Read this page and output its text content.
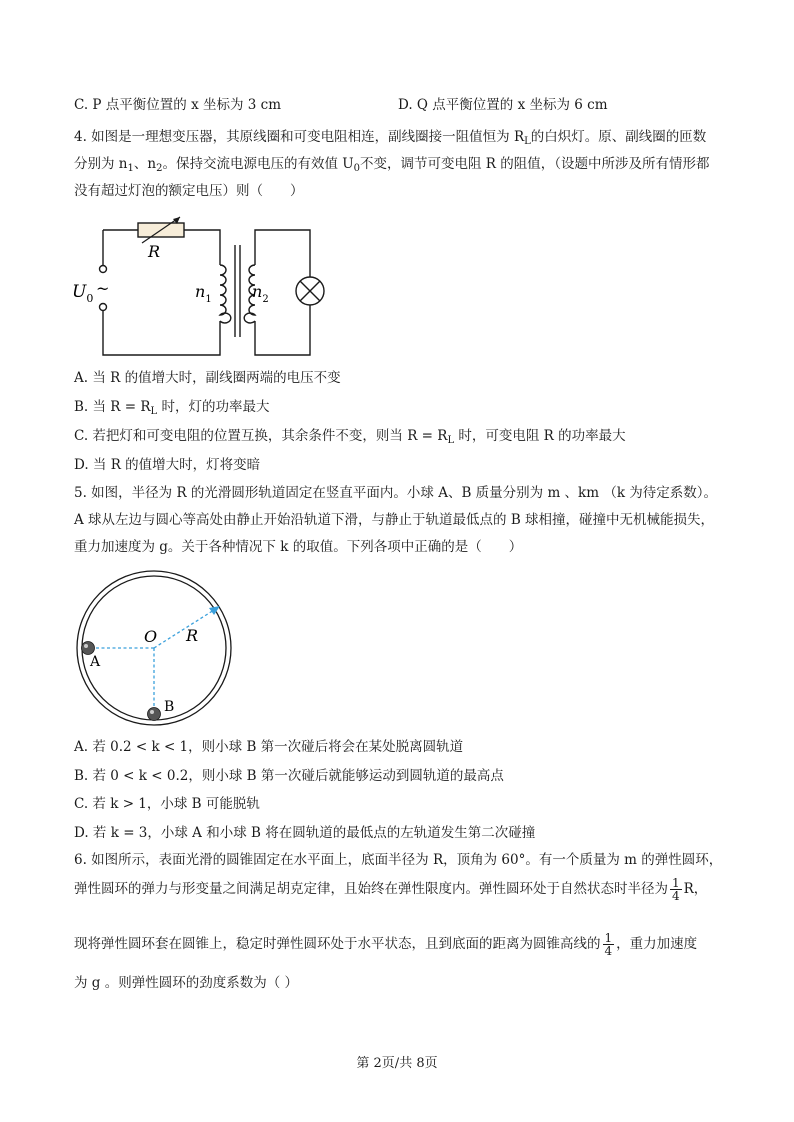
C. P 点平衡位置的 x 坐标为 3 cm	D. Q 点平衡位置的 x 坐标为 6 cm
4. 如图是一理想变压器，其原线圈和可变电阻相连，副线圈接一阻值恒为 $R_L$的白炽灯。原、副线圈的匝数
分别为 $n_1$、$n_2$。保持交流电源电压的有效值 $U_0$不变，调节可变电阻 R 的阻值，（设题中所涉及所有情形都
没有超过灯泡的额定电压）则（　　）
R
$U_0$
~	$n_1$	$n_2$
A. 当 R 的值增大时，副线圈两端的电压不变
B. 当 $R = R_L$ 时，灯的功率最大
C. 若把灯和可变电阻的位置互换，其余条件不变，则当 $R = R_L$ 时，可变电阻 R 的功率最大
D. 当 R 的值增大时，灯将变暗
5. 如图，半径为 R 的光滑圆形轨道固定在竖直平面内。小球 A、B 质量分别为 m 、km （k 为待定系数）。
A 球从左边与圆心等高处由静止开始沿轨道下滑，与静止于轨道最低点的 B 球相撞，碰撞中无机械能损失，
重力加速度为 g。关于各种情况下 k 的取值。下列各项中正确的是（　　）
O R
A
B
A. 若 0.2 < k < 1，则小球 B 第一次碰后将会在某处脱离圆轨道
B. 若 0 < k < 0.2，则小球 B 第一次碰后就能够运动到圆轨道的最高点
C. 若 k > 1，小球 B 可能脱轨
D. 若 k = 3，小球 A 和小球 B 将在圆轨道的最低点的左轨道发生第二次碰撞
6. 如图所示，表面光滑的圆锥固定在水平面上，底面半径为 R，顶角为 60°。有一个质量为 m 的弹性圆环，
弹性圆环的弹力与形变量之间满足胡克定律，且始终在弹性限度内。弹性圆环处于自然状态时半径为 $\frac{1}{4}$ R，
现将弹性圆环套在圆锥上，稳定时弹性圆环处于水平状态，且到底面的距离为圆锥高线的 $\frac{1}{4}$ ，重力加速度
为 g 。则弹性圆环的劲度系数为（ ）
第 2页/共 8页
